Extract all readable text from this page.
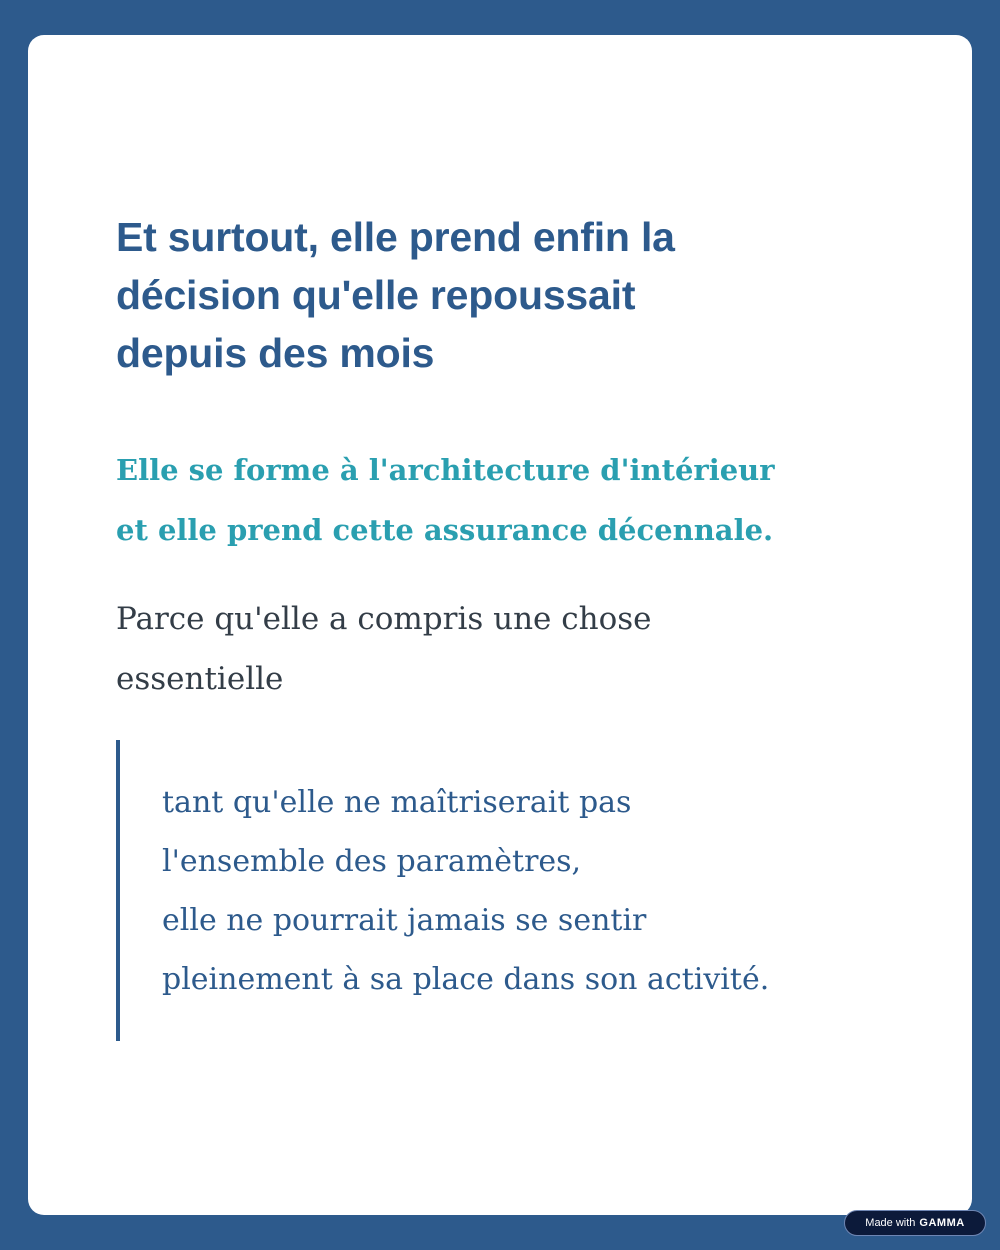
Et surtout, elle prend enfin la
décision qu'elle repoussait
depuis des mois

Elle se forme à l'architecture d'intérieur
et elle prend cette assurance décennale.

Parce qu'elle a compris une chose
essentielle

tant qu'elle ne maîtriserait pas
l'ensemble des paramètres,
elle ne pourrait jamais se sentir
pleinement à sa place dans son activité.
Made with GAMMA
